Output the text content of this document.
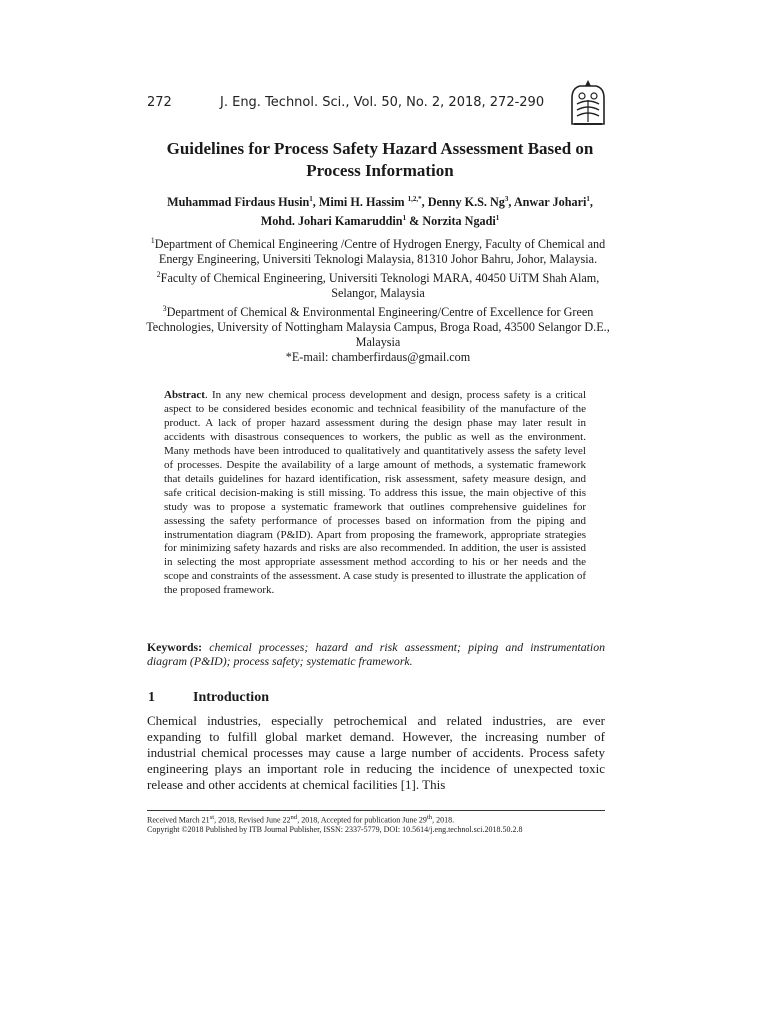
272	J. Eng. Technol. Sci., Vol. 50, No. 2, 2018, 272-290
Guidelines for Process Safety Hazard Assessment Based on
Process Information
Muhammad Firdaus Husin$^1$, Mimi H. Hassim $^{1,2,*}$, Denny K.S. Ng$^3$, Anwar Johari$^1$,
Mohd. Johari Kamaruddin$^1$ & Norzita Ngadi$^1$

$^1$Department of Chemical Engineering /Centre of Hydrogen Energy, Faculty of Chemical and Energy Engineering, Universiti Teknologi Malaysia, 81310 Johor Bahru, Johor, Malaysia.

$^2$Faculty of Chemical Engineering, Universiti Teknologi MARA, 40450 UiTM Shah Alam, Selangor, Malaysia

$^3$Department of Chemical & Environmental Engineering/Centre of Excellence for Green Technologies, University of Nottingham Malaysia Campus, Broga Road, 43500 Selangor D.E., Malaysia

*E-mail: chamberfirdaus@gmail.com

Abstract. In any new chemical process development and design, process safety is a critical aspect to be considered besides economic and technical feasibility of the manufacture of the product. A lack of proper hazard assessment during the design phase may later result in accidents with disastrous consequences to workers, the public as well as the environment. Many methods have been introduced to qualitatively and quantitatively assess the safety level of processes. Despite the availability of a large amount of methods, a systematic framework that details guidelines for hazard identification, risk assessment, safety measure design, and safe critical decision-making is still missing. To address this issue, the main objective of this study was to propose a systematic framework that outlines comprehensive guidelines for assessing the safety performance of processes based on information from the piping and instrumentation diagram (P&ID). Apart from proposing the framework, appropriate strategies for minimizing safety hazards and risks are also recommended. In addition, the user is assisted in selecting the most appropriate assessment method according to his or her needs and the scope and constraints of the assessment. A case study is presented to illustrate the application of the proposed framework.
Keywords: chemical processes; hazard and risk assessment; piping and instrumentation diagram (P&ID); process safety; systematic framework.
1	Introduction
Chemical industries, especially petrochemical and related industries, are ever expanding to fulfill global market demand. However, the increasing number of industrial chemical processes may cause a large number of accidents. Process safety engineering plays an important role in reducing the incidence of unexpected toxic release and other accidents at chemical facilities [1]. This
Received March 21st, 2018, Revised June 22nd, 2018, Accepted for publication June 29th, 2018.
Copyright ©2018 Published by ITB Journal Publisher, ISSN: 2337-5779, DOI: 10.5614/j.eng.technol.sci.2018.50.2.8
